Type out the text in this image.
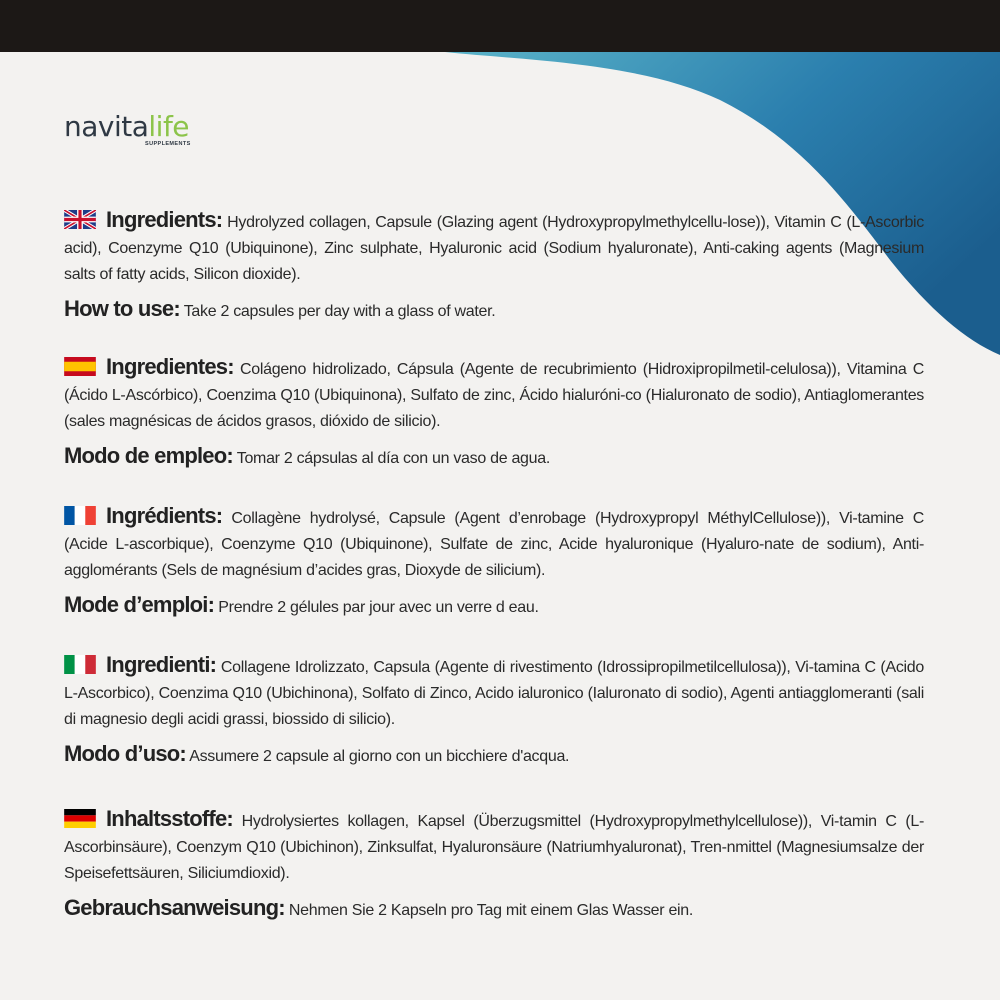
navita life
SUPPLEMENTS
Ingredients: Hydrolyzed collagen, Capsule (Glazing agent (Hydroxypropylmethylcellu-lose)), Vitamin C (L-Ascorbic acid), Coenzyme Q10 (Ubiquinone), Zinc sulphate, Hyaluronic acid (Sodium hyaluronate), Anti-caking agents (Magnesium salts of fatty acids, Silicon dioxide).
How to use: Take 2 capsules per day with a glass of water.
Ingredientes: Colágeno hidrolizado, Cápsula (Agente de recubrimiento (Hidroxipropilmetil-celulosa)), Vitamina C (Ácido L-Ascórbico), Coenzima Q10 (Ubiquinona), Sulfato de zinc, Ácido hialuróni-co (Hialuronato de sodio), Antiaglomerantes (sales magnésicas de ácidos grasos, dióxido de silicio).
Modo de empleo: Tomar 2 cápsulas al día con un vaso de agua.
Ingrédients: Collagène hydrolysé, Capsule (Agent d’enrobage (Hydroxypropyl MéthylCellulose)), Vi-tamine C (Acide L-ascorbique), Coenzyme Q10 (Ubiquinone), Sulfate de zinc, Acide hyaluronique (Hyaluro-nate de sodium), Anti-agglomérants (Sels de magnésium d’acides gras, Dioxyde de silicium).
Mode d’emploi: Prendre 2 gélules par jour avec un verre d eau.
Ingredienti: Collagene Idrolizzato, Capsula (Agente di rivestimento (Idrossipropilmetilcellulosa)), Vi-tamina C (Acido L-Ascorbico), Coenzima Q10 (Ubichinona), Solfato di Zinco, Acido ialuronico (Ialuronato di sodio), Agenti antiagglomeranti (sali di magnesio degli acidi grassi, biossido di silicio).
Modo d’uso: Assumere 2 capsule al giorno con un bicchiere d'acqua.
Inhaltsstoffe: Hydrolysiertes kollagen, Kapsel (Überzugsmittel (Hydroxypropylmethylcellulose)), Vi-tamin C (L-Ascorbinsäure), Coenzym Q10 (Ubichinon), Zinksulfat, Hyaluronsäure (Natriumhyaluronat), Tren-nmittel (Magnesiumsalze der Speisefettsäuren, Siliciumdioxid).
Gebrauchsanweisung: Nehmen Sie 2 Kapseln pro Tag mit einem Glas Wasser ein.
